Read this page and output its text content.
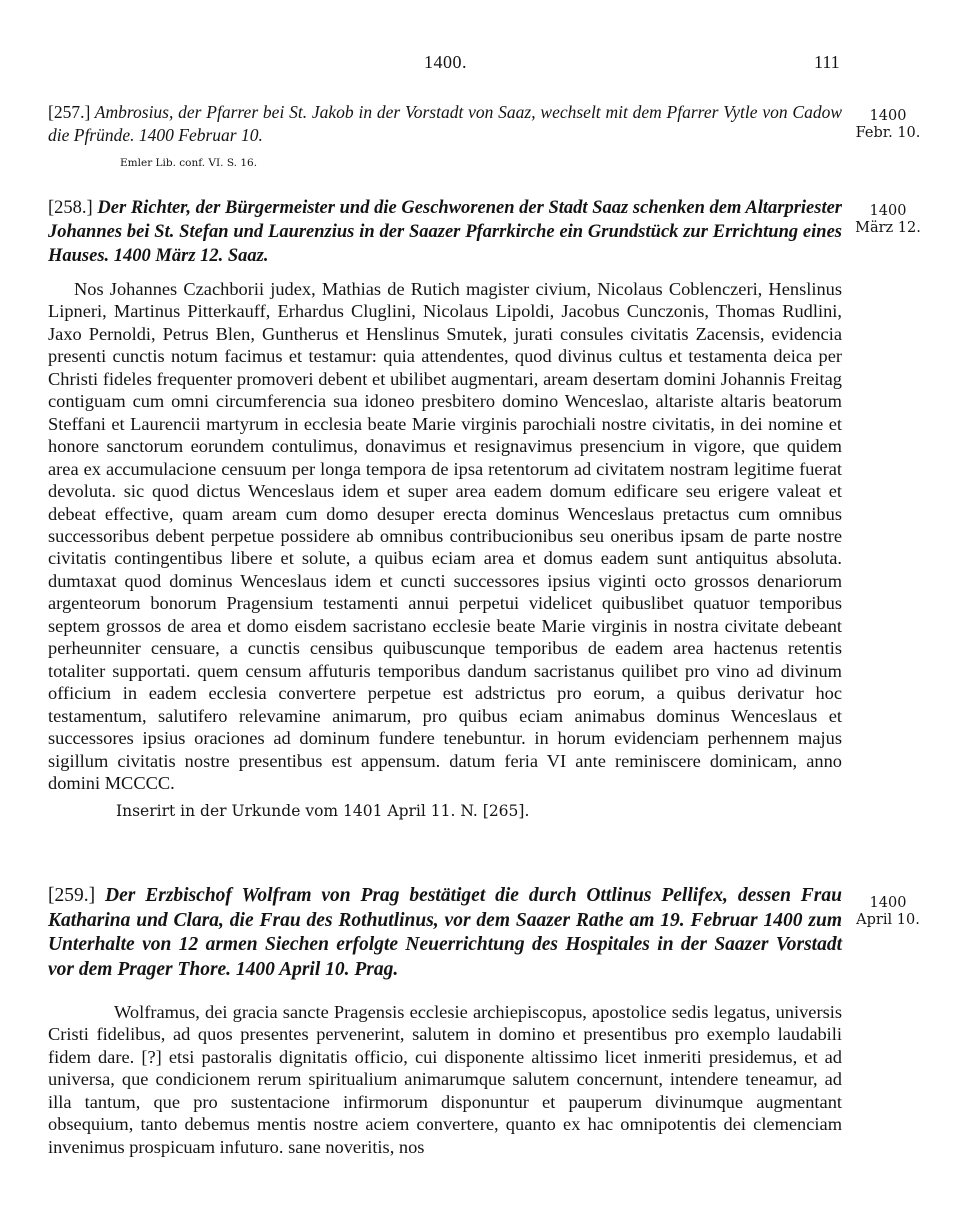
1400.	111
[257.] Ambrosius, der Pfarrer bei St. Jakob in der Vorstadt von Saaz, wechselt mit dem Pfarrer Vytle von Cadow die Pfründe. 1400 Februar 10.
Emler Lib. conf. VI. S. 16.
1400
Febr. 10.
[258.] Der Richter, der Bürgermeister und die Geschworenen der Stadt Saaz schenken dem Altarpriester Johannes bei St. Stefan und Laurenzius in der Saazer Pfarrkirche ein Grundstück zur Errichtung eines Hauses. 1400 März 12. Saaz.

Nos Johannes Czachborii judex, Mathias de Rutich magister civium, Nicolaus Coblenczeri, Henslinus Lipneri, Martinus Pitterkauff, Erhardus Cluglini, Nicolaus Lipoldi, Jacobus Cunczonis, Thomas Rudlini, Jaxo Pernoldi, Petrus Blen, Guntherus et Henslinus Smutek, jurati consules civitatis Zacensis, evidencia presenti cunctis notum facimus et testamur: quia attendentes, quod divinus cultus et testamenta deica per Christi fideles frequenter promoveri debent et ubilibet augmentari, aream desertam domini Johannis Freitag contiguam cum omni circumferencia sua idoneo presbitero domino Wenceslao, altariste altaris beatorum Steffani et Laurencii martyrum in ecclesia beate Marie virginis parochiali nostre civitatis, in dei nomine et honore sanctorum eorundem contulimus, donavimus et resignavimus presencium in vigore, que quidem area ex accumulacione censuum per longa tempora de ipsa retentorum ad civitatem nostram legitime fuerat devoluta. sic quod dictus Wenceslaus idem et super area eadem domum edificare seu erigere valeat et debeat effective, quam aream cum domo desuper erecta dominus Wenceslaus pretactus cum omnibus successoribus debent perpetue possidere ab omnibus contribucionibus seu oneribus ipsam de parte nostre civitatis contingentibus libere et solute, a quibus eciam area et domus eadem sunt antiquitus absoluta. dumtaxat quod dominus Wenceslaus idem et cuncti successores ipsius viginti octo grossos denariorum argenteorum bonorum Pragensium testamenti annui perpetui videlicet quibuslibet quatuor temporibus septem grossos de area et domo eisdem sacristano ecclesie beate Marie virginis in nostra civitate debeant perheunniter censuare, a cunctis censibus quibuscunque temporibus de eadem area hactenus retentis totaliter supportati. quem censum affuturis temporibus dandum sacristanus quilibet pro vino ad divinum officium in eadem ecclesia convertere perpetue est adstrictus pro eorum, a quibus derivatur hoc testamentum, salutifero relevamine animarum, pro quibus eciam animabus dominus Wenceslaus et successores ipsius oraciones ad dominum fundere tenebuntur. in horum evidenciam perhennem majus sigillum civitatis nostre presentibus est appensum. datum feria VI ante reminiscere dominicam, anno domini MCCCC.

Inserirt in der Urkunde vom 1401 April 11. N. [265].
1400
März 12.
[259.] Der Erzbischof Wolfram von Prag bestätiget die durch Ottlinus Pellifex, dessen Frau Katharina und Clara, die Frau des Rothutlinus, vor dem Saazer Rathe am 19. Februar 1400 zum Unterhalte von 12 armen Siechen erfolgte Neuerrichtung des Hospitales in der Saazer Vorstadt vor dem Prager Thore. 1400 April 10. Prag.

Wolframus, dei gracia sancte Pragensis ecclesie archiepiscopus, apostolice sedis legatus, universis Cristi fidelibus, ad quos presentes pervenerint, salutem in domino et presentibus pro exemplo laudabili fidem dare. [?] etsi pastoralis dignitatis officio, cui disponente altissimo licet inmeriti presidemus, et ad universa, que condicionem rerum spiritualium animarumque salutem concernunt, intendere teneamur, ad illa tantum, que pro sustentacione infirmorum disponuntur et pauperum divinumque augmentant obsequium, tanto debemus mentis nostre aciem convertere, quanto ex hac omnipotentis dei clemenciam invenimus prospicuam infuturo. sane noveritis, nos

1400
April 10.
